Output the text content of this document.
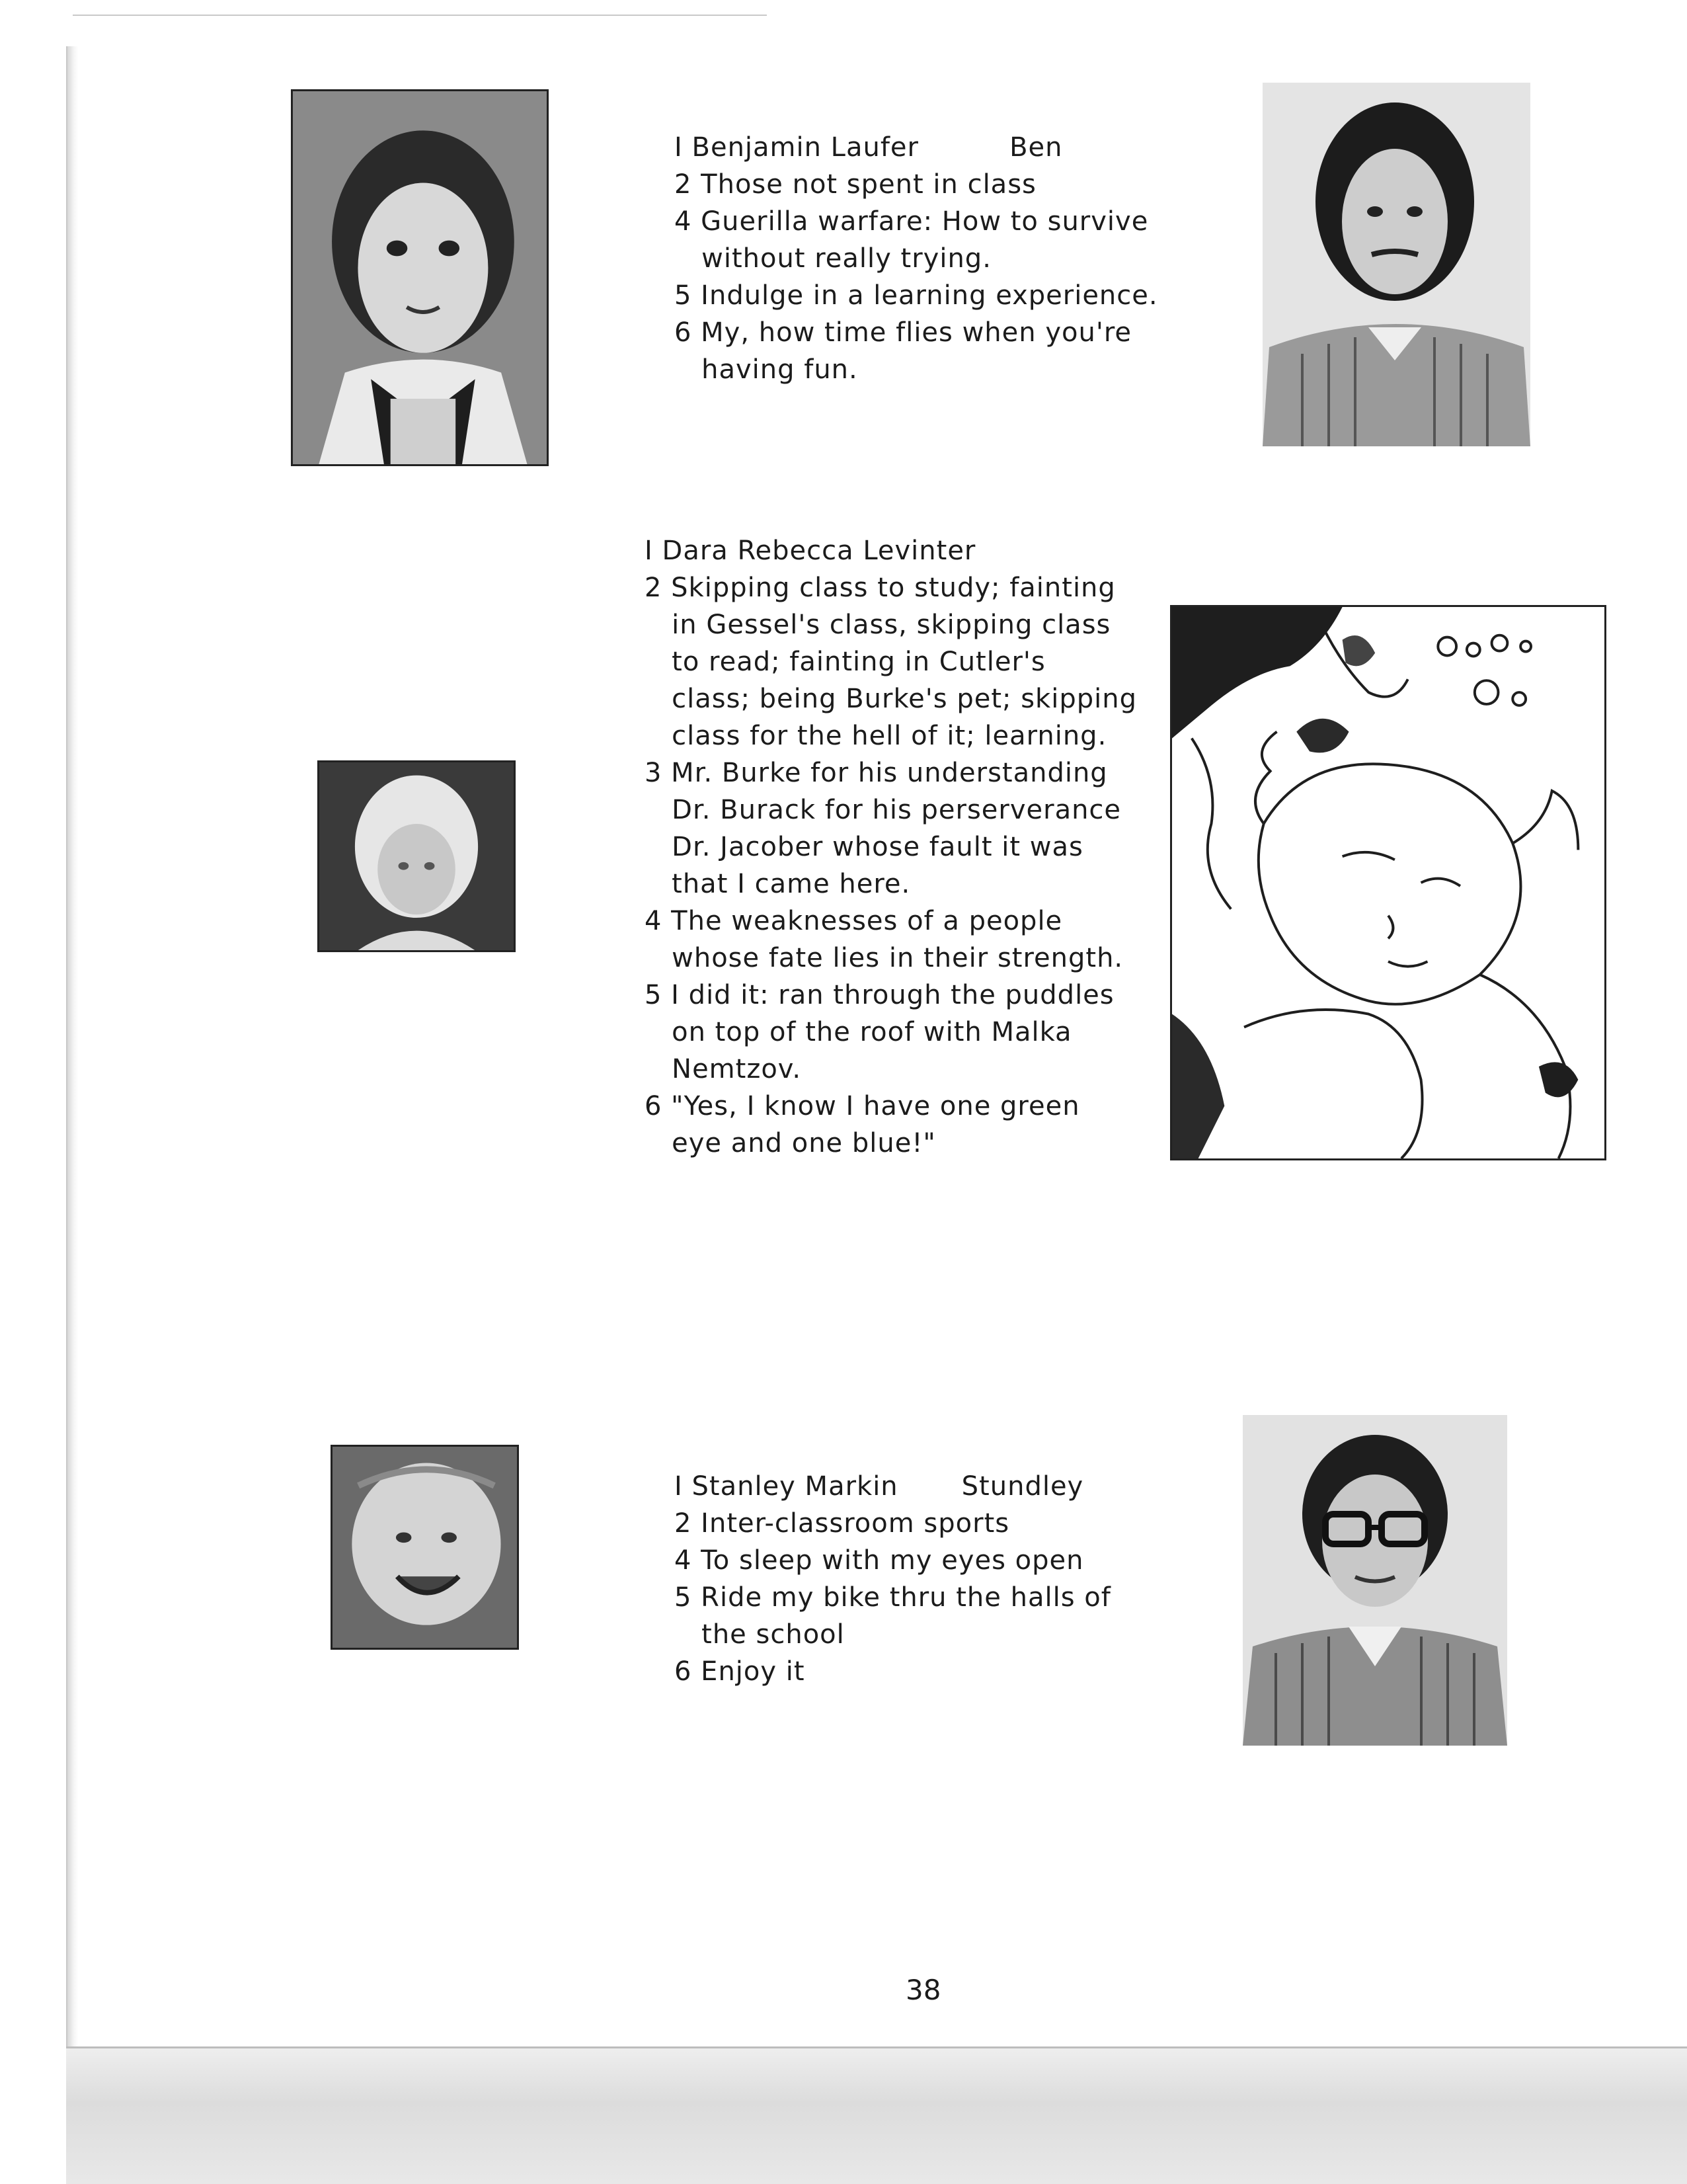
I Benjamin Laufer          Ben

2 Those not spent in class

4 Guerilla warfare: How to survive

without really trying.

5 Indulge in a learning experience.

6 My, how time flies when you're

having fun.

I Dara Rebecca Levinter

2 Skipping class to study; fainting

in Gessel's class, skipping class

to read; fainting in Cutler's

class; being Burke's pet; skipping

class for the hell of it; learning.

3 Mr. Burke for his understanding

Dr. Burack for his perserverance

Dr. Jacober whose fault it was

that I came here.

4 The weaknesses of a people

whose fate lies in their strength.

5 I did it: ran through the puddles

on top of the roof with Malka

Nemtzov.

6 "Yes, I know I have one green

eye and one blue!"

I Stanley Markin       Stundley

2 Inter-classroom sports

4 To sleep with my eyes open

5 Ride my bike thru the halls of

the school

6 Enjoy it

38
